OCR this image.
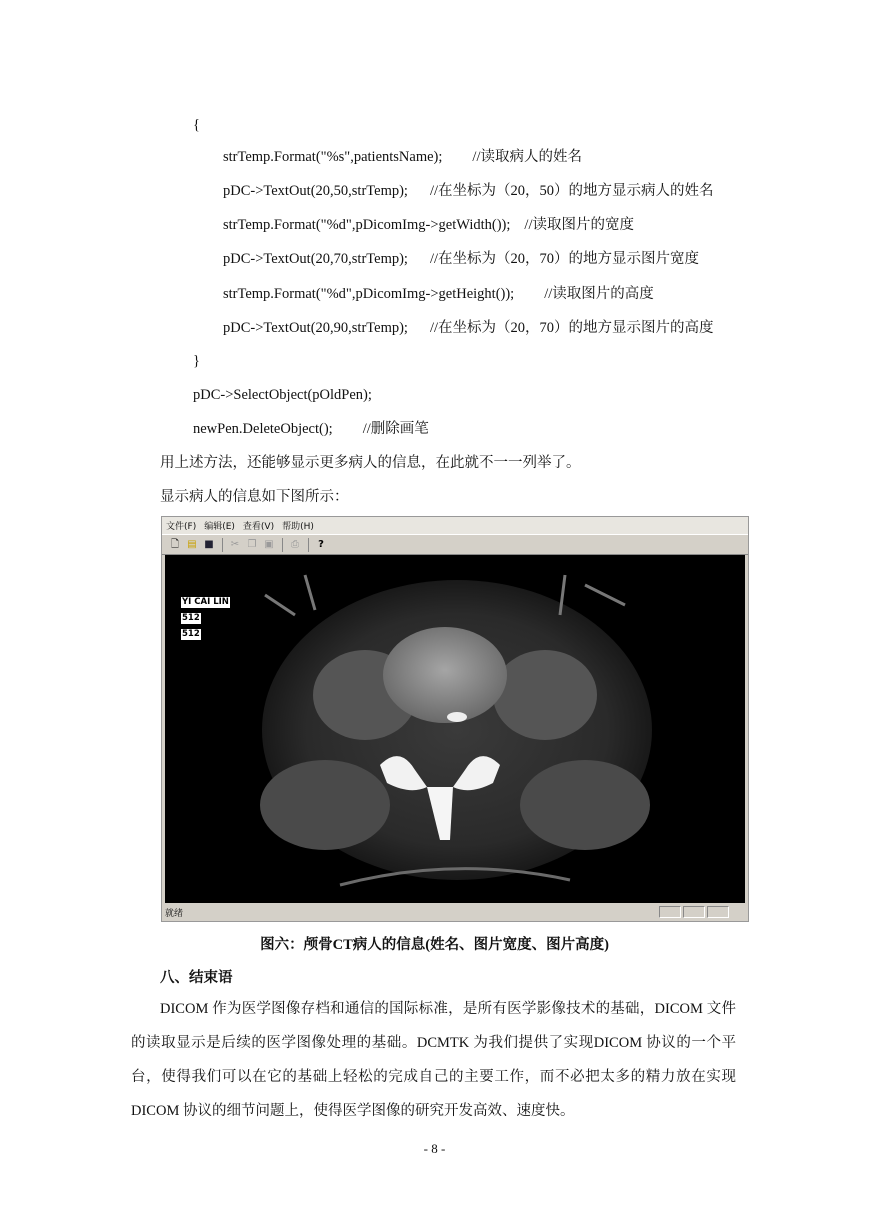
{
strTemp.Format("%s",patientsName); //读取病人的姓名
pDC->TextOut(20,50,strTemp); //在坐标为（20，50）的地方显示病人的姓名
strTemp.Format("%d",pDicomImg->getWidth()); //读取图片的宽度
pDC->TextOut(20,70,strTemp); //在坐标为（20，70）的地方显示图片宽度
strTemp.Format("%d",pDicomImg->getHeight()); //读取图片的高度
pDC->TextOut(20,90,strTemp); //在坐标为（20，70）的地方显示图片的高度
}
pDC->SelectObject(pOldPen);
newPen.DeleteObject(); //删除画笔
用上述方法，还能够显示更多病人的信息，在此就不一一列举了。
显示病人的信息如下图所示：
文件(F) 编辑(E) 查看(V) 帮助(H)
🗋 ▤ ■ ✂ ❐ ▣	⎙	?
YI CAI LIN
512
512
就绪
图六：颅骨CT病人的信息(姓名、图片宽度、图片高度)
八、结束语
DICOM 作为医学图像存档和通信的国际标准，是所有医学影像技术的基础，DICOM 文件的读取显示是后续的医学图像处理的基础。DCMTK 为我们提供了实现DICOM 协议的一个平台，使得我们可以在它的基础上轻松的完成自己的主要工作，而不必把太多的精力放在实现DICOM 协议的细节问题上，使得医学图像的研究开发高效、速度快。
- 8 -
